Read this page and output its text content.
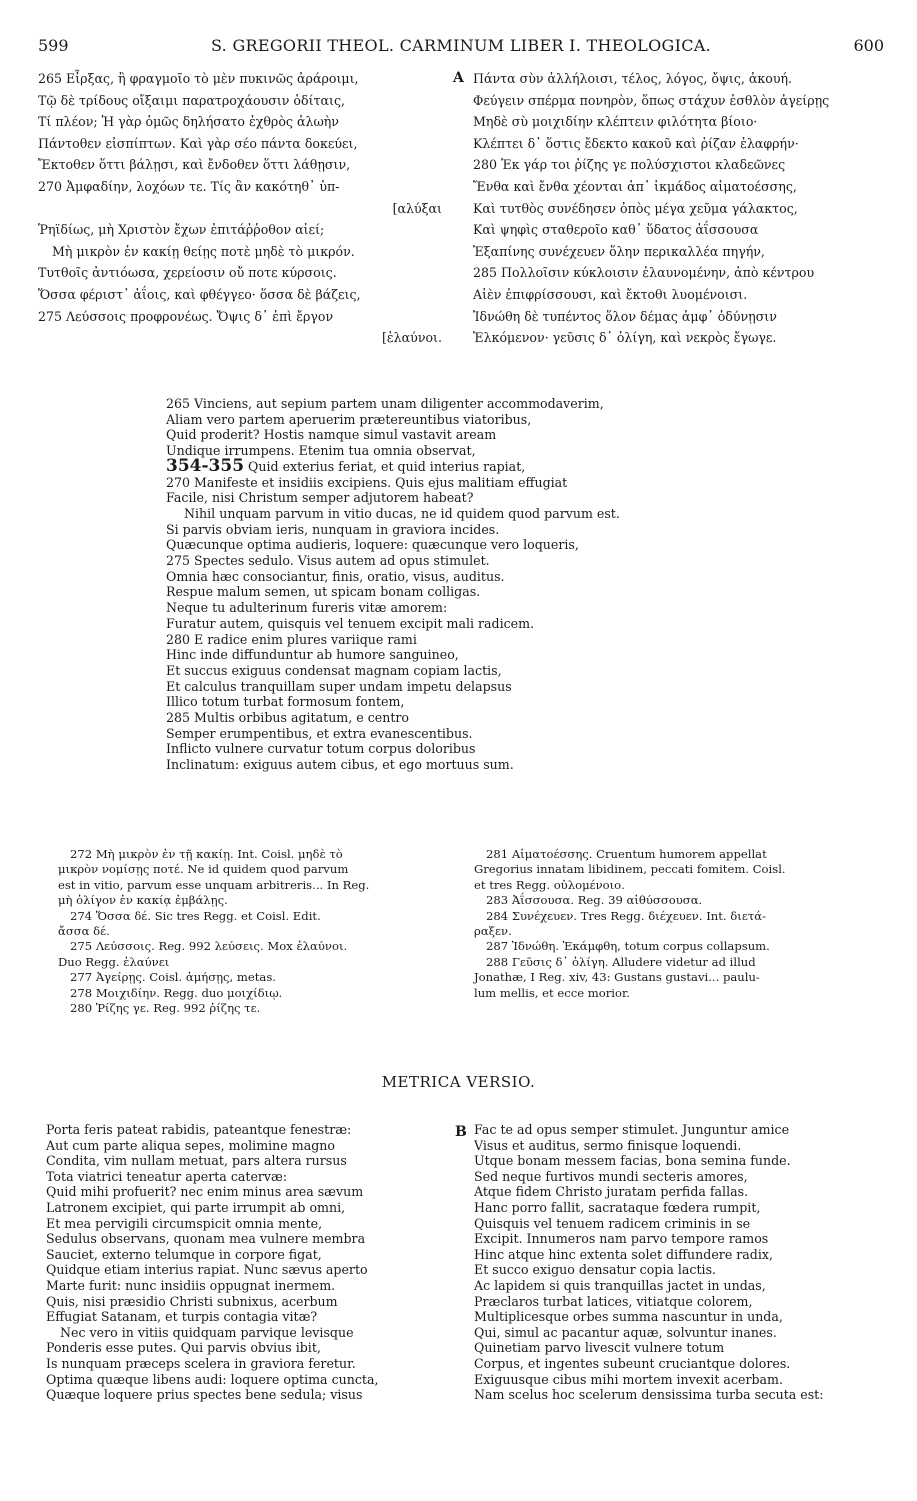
599	S. GREGORII THEOL. CARMINUM LIBER I. THEOLOGICA.	600
265 Εἶρξας, ἢ φραγμοῖο τὸ μὲν πυκινῶς ἀράροιμι,
Τῷ δὲ τρίδους οἴξαιμι παρατροχάουσιν ὁδίταις,
Τί πλέον; Ἡ γὰρ ὁμῶς δηλήσατο ἐχθρὸς ἀλωὴν
Πάντοθεν εἰσπίπτων. Καὶ γὰρ σέο πάντα δοκεύει,
Ἔκτοθεν ὅττι βάλῃσι, καὶ ἔνδοθεν ὅττι λάθῃσιν,
270 Ἀμφαδίην, λοχόων τε. Τίς ἂν κακότηθ᾽ ὑπ-
[αλύξαι
Ῥηϊδίως, μὴ Χριστὸν ἔχων ἐπιτάῤῥοθον αἰεί;
Μὴ μικρὸν ἐν κακίῃ θείῃς ποτὲ μηδὲ τὸ μικρόν.
Τυτθοῖς ἀντιόωσα, χερείοσιν οὔ ποτε κύρσοις.
Ὅσσα φέριστ᾽ ἀΐοις, καὶ φθέγγεο· ὅσσα δὲ βάζεις,
275 Λεύσσοις προφρονέως. Ὄψις δ᾽ ἐπὶ ἔργον
[ἐλαύνοι.
A Πάντα σὺν ἀλλήλοισι, τέλος, λόγος, ὄψις, ἀκουή.
Φεύγειν σπέρμα πονηρὸν, ὅπως στάχυν ἐσθλὸν ἀγείρῃς
Μηδὲ σὺ μοιχιδίην κλέπτειν φιλότητα βίοιο·
Κλέπτει δ᾽ ὅστις ἔδεκτο κακοῦ καὶ ῥίζαν ἐλαφρήν·
280 Ἐκ γάρ τοι ῥίζης γε πολύσχιστοι κλαδεῶνες
Ἔνθα καὶ ἔνθα χέονται ἀπ᾽ ἰκμάδος αἱματοέσσης,
Καὶ τυτθὸς συνέδησεν ὀπὸς μέγα χεῦμα γάλακτος,
Καὶ ψηφὶς σταθεροῖο καθ᾽ ὕδατος ἀΐσσουσα
Ἐξαπίνης συνέχευεν ὅλην περικαλλέα πηγήν,
285 Πολλοῖσιν κύκλοισιν ἐλαυνομένην, ἀπὸ κέντρου
Αἰὲν ἐπιφρίσσουσι, καὶ ἔκτοθι λυομένοισι.
Ἰδνώθη δὲ τυπέντος ὅλον δέμας ἀμφ᾽ ὀδύνῃσιν
Ἑλκόμενον· γεῦσις δ᾽ ὀλίγη, καὶ νεκρὸς ἔγωγε.
265 Vinciens, aut sepium partem unam diligenter accommodaverim,
Aliam vero partem aperuerim prætereuntibus viatoribus,
Quid proderit? Hostis namque simul vastavit aream
Undique irrumpens. Etenim tua omnia observat,
354-355 Quid exterius feriat, et quid interius rapiat,
270 Manifeste et insidiis excipiens. Quis ejus malitiam effugiat
Facile, nisi Christum semper adjutorem habeat?
Nihil unquam parvum in vitio ducas, ne id quidem quod parvum est.
Si parvis obviam ieris, nunquam in graviora incides.
Quæcunque optima audieris, loquere: quæcunque vero loqueris,
275 Spectes sedulo. Visus autem ad opus stimulet.
Omnia hæc consociantur, finis, oratio, visus, auditus.
Respue malum semen, ut spicam bonam colligas.
Neque tu adulterinum fureris vitæ amorem:
Furatur autem, quisquis vel tenuem excipit mali radicem.
280 E radice enim plures variique rami
Hinc inde diffunduntur ab humore sanguineo,
Et succus exiguus condensat magnam copiam lactis,
Et calculus tranquillam super undam impetu delapsus
Illico totum turbat formosum fontem,
285 Multis orbibus agitatum, e centro
Semper erumpentibus, et extra evanescentibus.
Inflicto vulnere curvatur totum corpus doloribus
Inclinatum: exiguus autem cibus, et ego mortuus sum.
272 Μὴ μικρὸν ἐν τῇ κακίῃ. Int. Coisl. μηδὲ τὸ
μικρὸν νομίσῃς ποτέ. Ne id quidem quod parvum
est in vitio, parvum esse unquam arbitreris... In Reg.
μὴ ὀλίγον ἐν κακίᾳ ἐμβάλῃς.
274 Ὅσσα δέ. Sic tres Regg. et Coisl. Edit.
ἄσσα δέ.
275 Λεύσσοις. Reg. 992 λεύσεις. Mox ἐλαύνοι.
Duo Regg. ἐλαύνει
277 Ἀγείρῃς. Coisl. ἀμήσῃς, metas.
278 Μοιχιδίην. Regg. duo μοιχίδιῳ.
280 Ῥίζης γε. Reg. 992 ῥίζης τε.
281 Αἱματοέσσης. Cruentum humorem appellat
Gregorius innatam libidinem, peccati fomitem. Coisl.
et tres Regg. οὐλομένοιο.
283 Ἀΐσσουσα. Reg. 39 αἰθύσσουσα.
284 Συνέχευεν. Tres Regg. διέχευεν. Int. διετά-
ραξεν.
287 Ἰδνώθη. Ἐκάμφθη, totum corpus collapsum.
288 Γεῦσις δ᾽ ὀλίγη. Alludere videtur ad illud
Jonathæ, I Reg. xiv, 43: Gustans gustavi... paulu-
lum mellis, et ecce morior.
METRICA VERSIO.
Porta feris pateat rabidis, pateantque fenestræ:
Aut cum parte aliqua sepes, molimine magno
Condita, vim nullam metuat, pars altera rursus
Tota viatrici teneatur aperta catervæ:
Quid mihi profuerit? nec enim minus area sævum
Latronem excipiet, qui parte irrumpit ab omni,
Et mea pervigili circumspicit omnia mente,
Sedulus observans, quonam mea vulnere membra
Sauciet, externo telumque in corpore figat,
Quidque etiam interius rapiat. Nunc sævus aperto
Marte furit: nunc insidiis oppugnat inermem.
Quis, nisi præsidio Christi subnixus, acerbum
Effugiat Satanam, et turpis contagia vitæ?
Nec vero in vitiis quidquam parvique levisque
Ponderis esse putes. Qui parvis obvius ibit,
Is nunquam præceps scelera in graviora feretur.
Optima quæque libens audi: loquere optima cuncta,
Quæque loquere prius spectes bene sedula; visus
B Fac te ad opus semper stimulet. Junguntur amice
Visus et auditus, sermo finisque loquendi.
Utque bonam messem facias, bona semina funde.
Sed neque furtivos mundi secteris amores,
Atque fidem Christo juratam perfida fallas.
Hanc porro fallit, sacrataque fœdera rumpit,
Quisquis vel tenuem radicem criminis in se
Excipit. Innumeros nam parvo tempore ramos
Hinc atque hinc extenta solet diffundere radix,
Et succo exiguo densatur copia lactis.
Ac lapidem si quis tranquillas jactet in undas,
Præclaros turbat latices, vitiatque colorem,
Multiplicesque orbes summa nascuntur in unda,
Qui, simul ac pacantur aquæ, solvuntur inanes.
Quinetiam parvo livescit vulnere totum
Corpus, et ingentes subeunt cruciantque dolores.
Exiguusque cibus mihi mortem invexit acerbam.
Nam scelus hoc scelerum densissima turba secuta est:
